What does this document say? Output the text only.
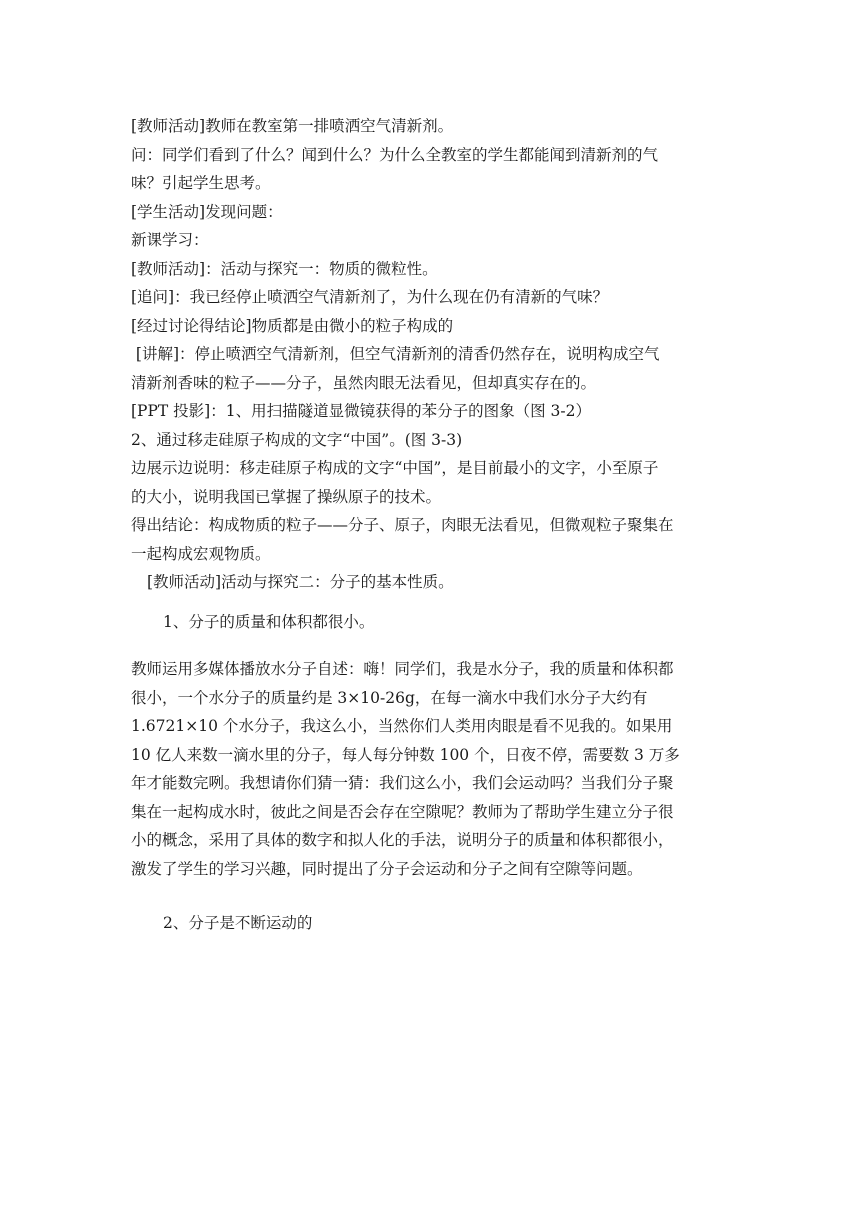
[教师活动]教师在教室第一排喷洒空气清新剂。
问：同学们看到了什么？闻到什么？为什么全教室的学生都能闻到清新剂的气
味？引起学生思考。
[学生活动]发现问题：
新课学习：
[教师活动]：活动与探究一：物质的微粒性。
[追问]：我已经停止喷洒空气清新剂了，为什么现在仍有清新的气味？
[经过讨论得结论]物质都是由微小的粒子构成的
[讲解]：停止喷洒空气清新剂，但空气清新剂的清香仍然存在，说明构成空气
清新剂香味的粒子——分子，虽然肉眼无法看见，但却真实存在的。
[PPT 投影]：1、用扫描隧道显微镜获得的苯分子的图象（图 3-2）
2、通过移走硅原子构成的文字“中国”。(图 3-3)
边展示边说明：移走硅原子构成的文字“中国”，是目前最小的文字，小至原子
的大小，说明我国已掌握了操纵原子的技术。
得出结论：构成物质的粒子——分子、原子，肉眼无法看见，但微观粒子聚集在
一起构成宏观物质。
[教师活动]活动与探究二：分子的基本性质。
1、分子的质量和体积都很小。
教师运用多媒体播放水分子自述：嗨！同学们，我是水分子，我的质量和体积都
很小，一个水分子的质量约是 3×10-26g，在每一滴水中我们水分子大约有
1.6721×10 个水分子，我这么小，当然你们人类用肉眼是看不见我的。如果用
10 亿人来数一滴水里的分子，每人每分钟数 100 个，日夜不停，需要数 3 万多
年才能数完咧。我想请你们猜一猜：我们这么小，我们会运动吗？当我们分子聚
集在一起构成水时，彼此之间是否会存在空隙呢？教师为了帮助学生建立分子很
小的概念，采用了具体的数字和拟人化的手法，说明分子的质量和体积都很小，
激发了学生的学习兴趣，同时提出了分子会运动和分子之间有空隙等问题。
2、分子是不断运动的
